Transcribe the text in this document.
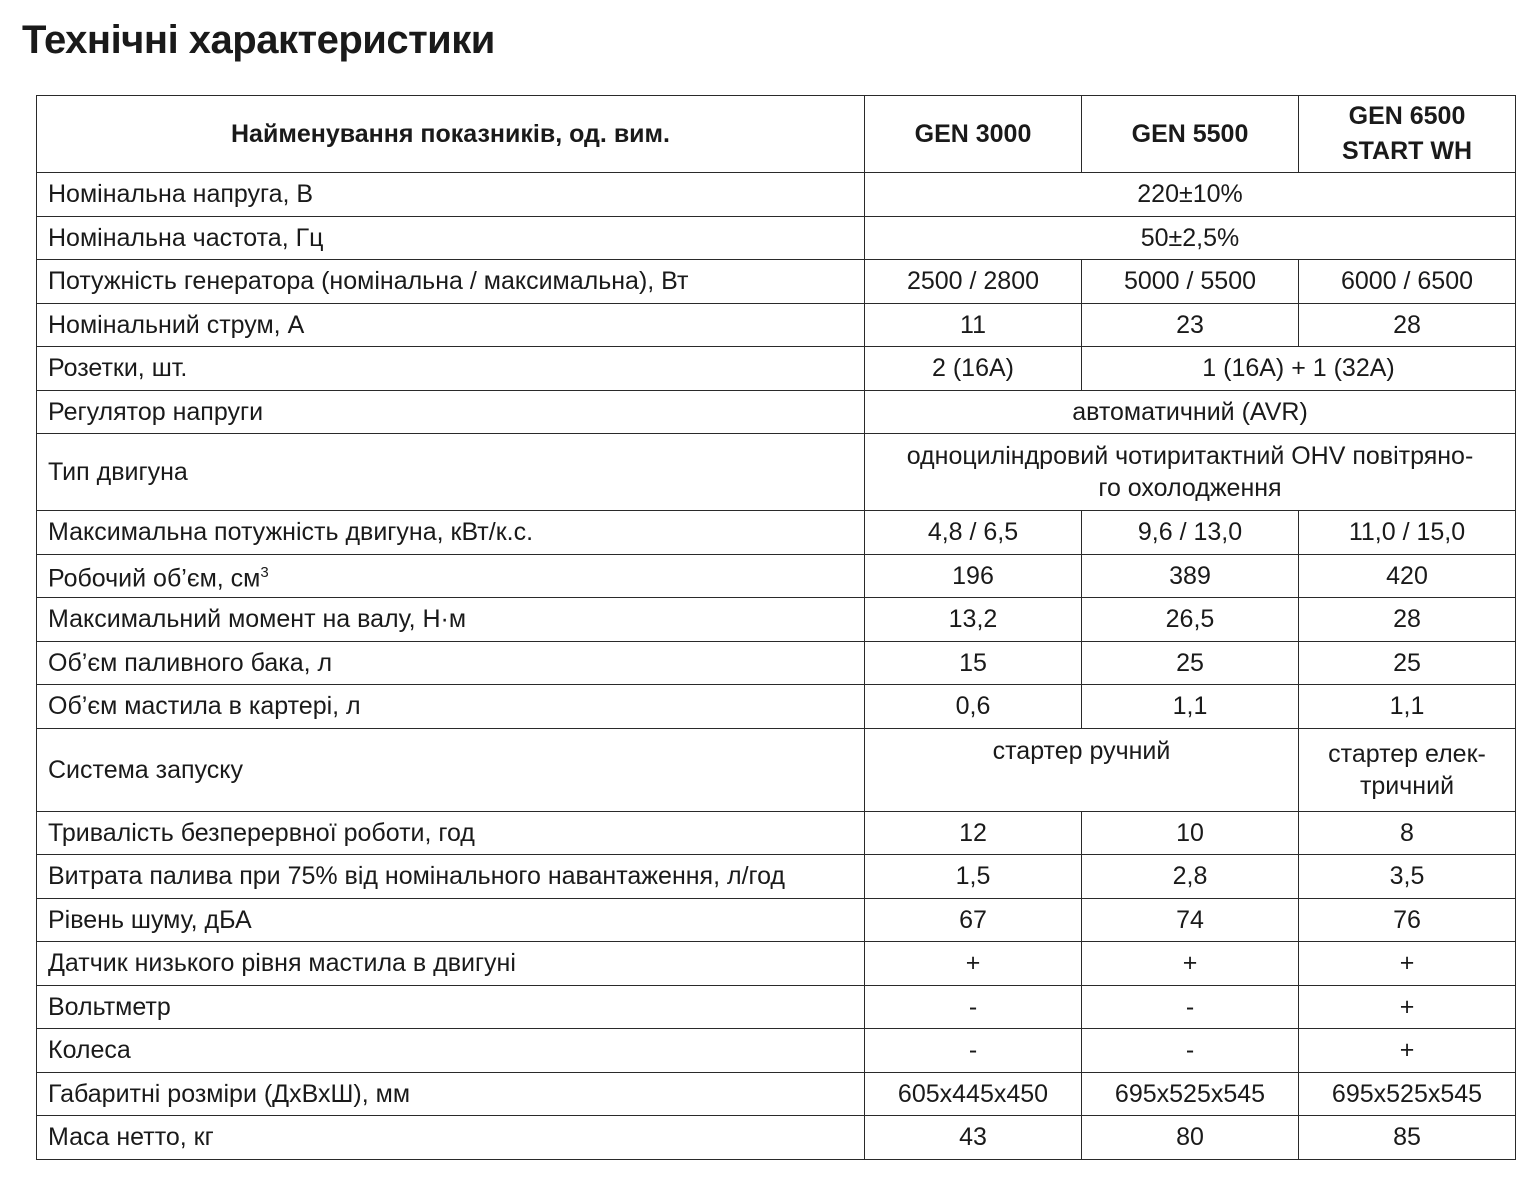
Технічні характеристики
Найменування показників, од. вим.	GEN 3000	GEN 5500	GEN 6500
START WH
Номінальна напруга, В	220±10%		
Номінальна частота, Гц	50±2,5%		
Потужність генератора (номінальна / максимальна), Вт	2500 / 2800	5000 / 5500	6000 / 6500
Номінальний струм, А	11	23	28
Розетки, шт.	2 (16А)	1 (16А) + 1 (32А)	
Регулятор напруги	автоматичний (AVR)		
Тип двигуна	одноциліндровий чотиритактний OHV повітряно-
го охолодження		
Максимальна потужність двигуна, кВт/к.с.	4,8 / 6,5	9,6 / 13,0	11,0 / 15,0
Робочий об’єм, $см^3$	196	389	420
Максимальний момент на валу, Н·м	13,2	26,5	28
Об’єм паливного бака, л	15	25	25
Об’єм мастила в картері, л	0,6	1,1	1,1
Система запуску	стартер ручний		стартер елек-
тричний
Тривалість безперервної роботи, год	12	10	8
Витрата палива при 75% від номінального навантаження, л/год	1,5	2,8	3,5
Рівень шуму, дБА	67	74	76
Датчик низького рівня мастила в двигуні	+	+	+
Вольтметр	-	-	+
Колеса	-	-	+
Габаритні розміри (ДхВхШ), мм	605x445x450	695x525x545	695x525x545
Маса нетто, кг	43	80	85
